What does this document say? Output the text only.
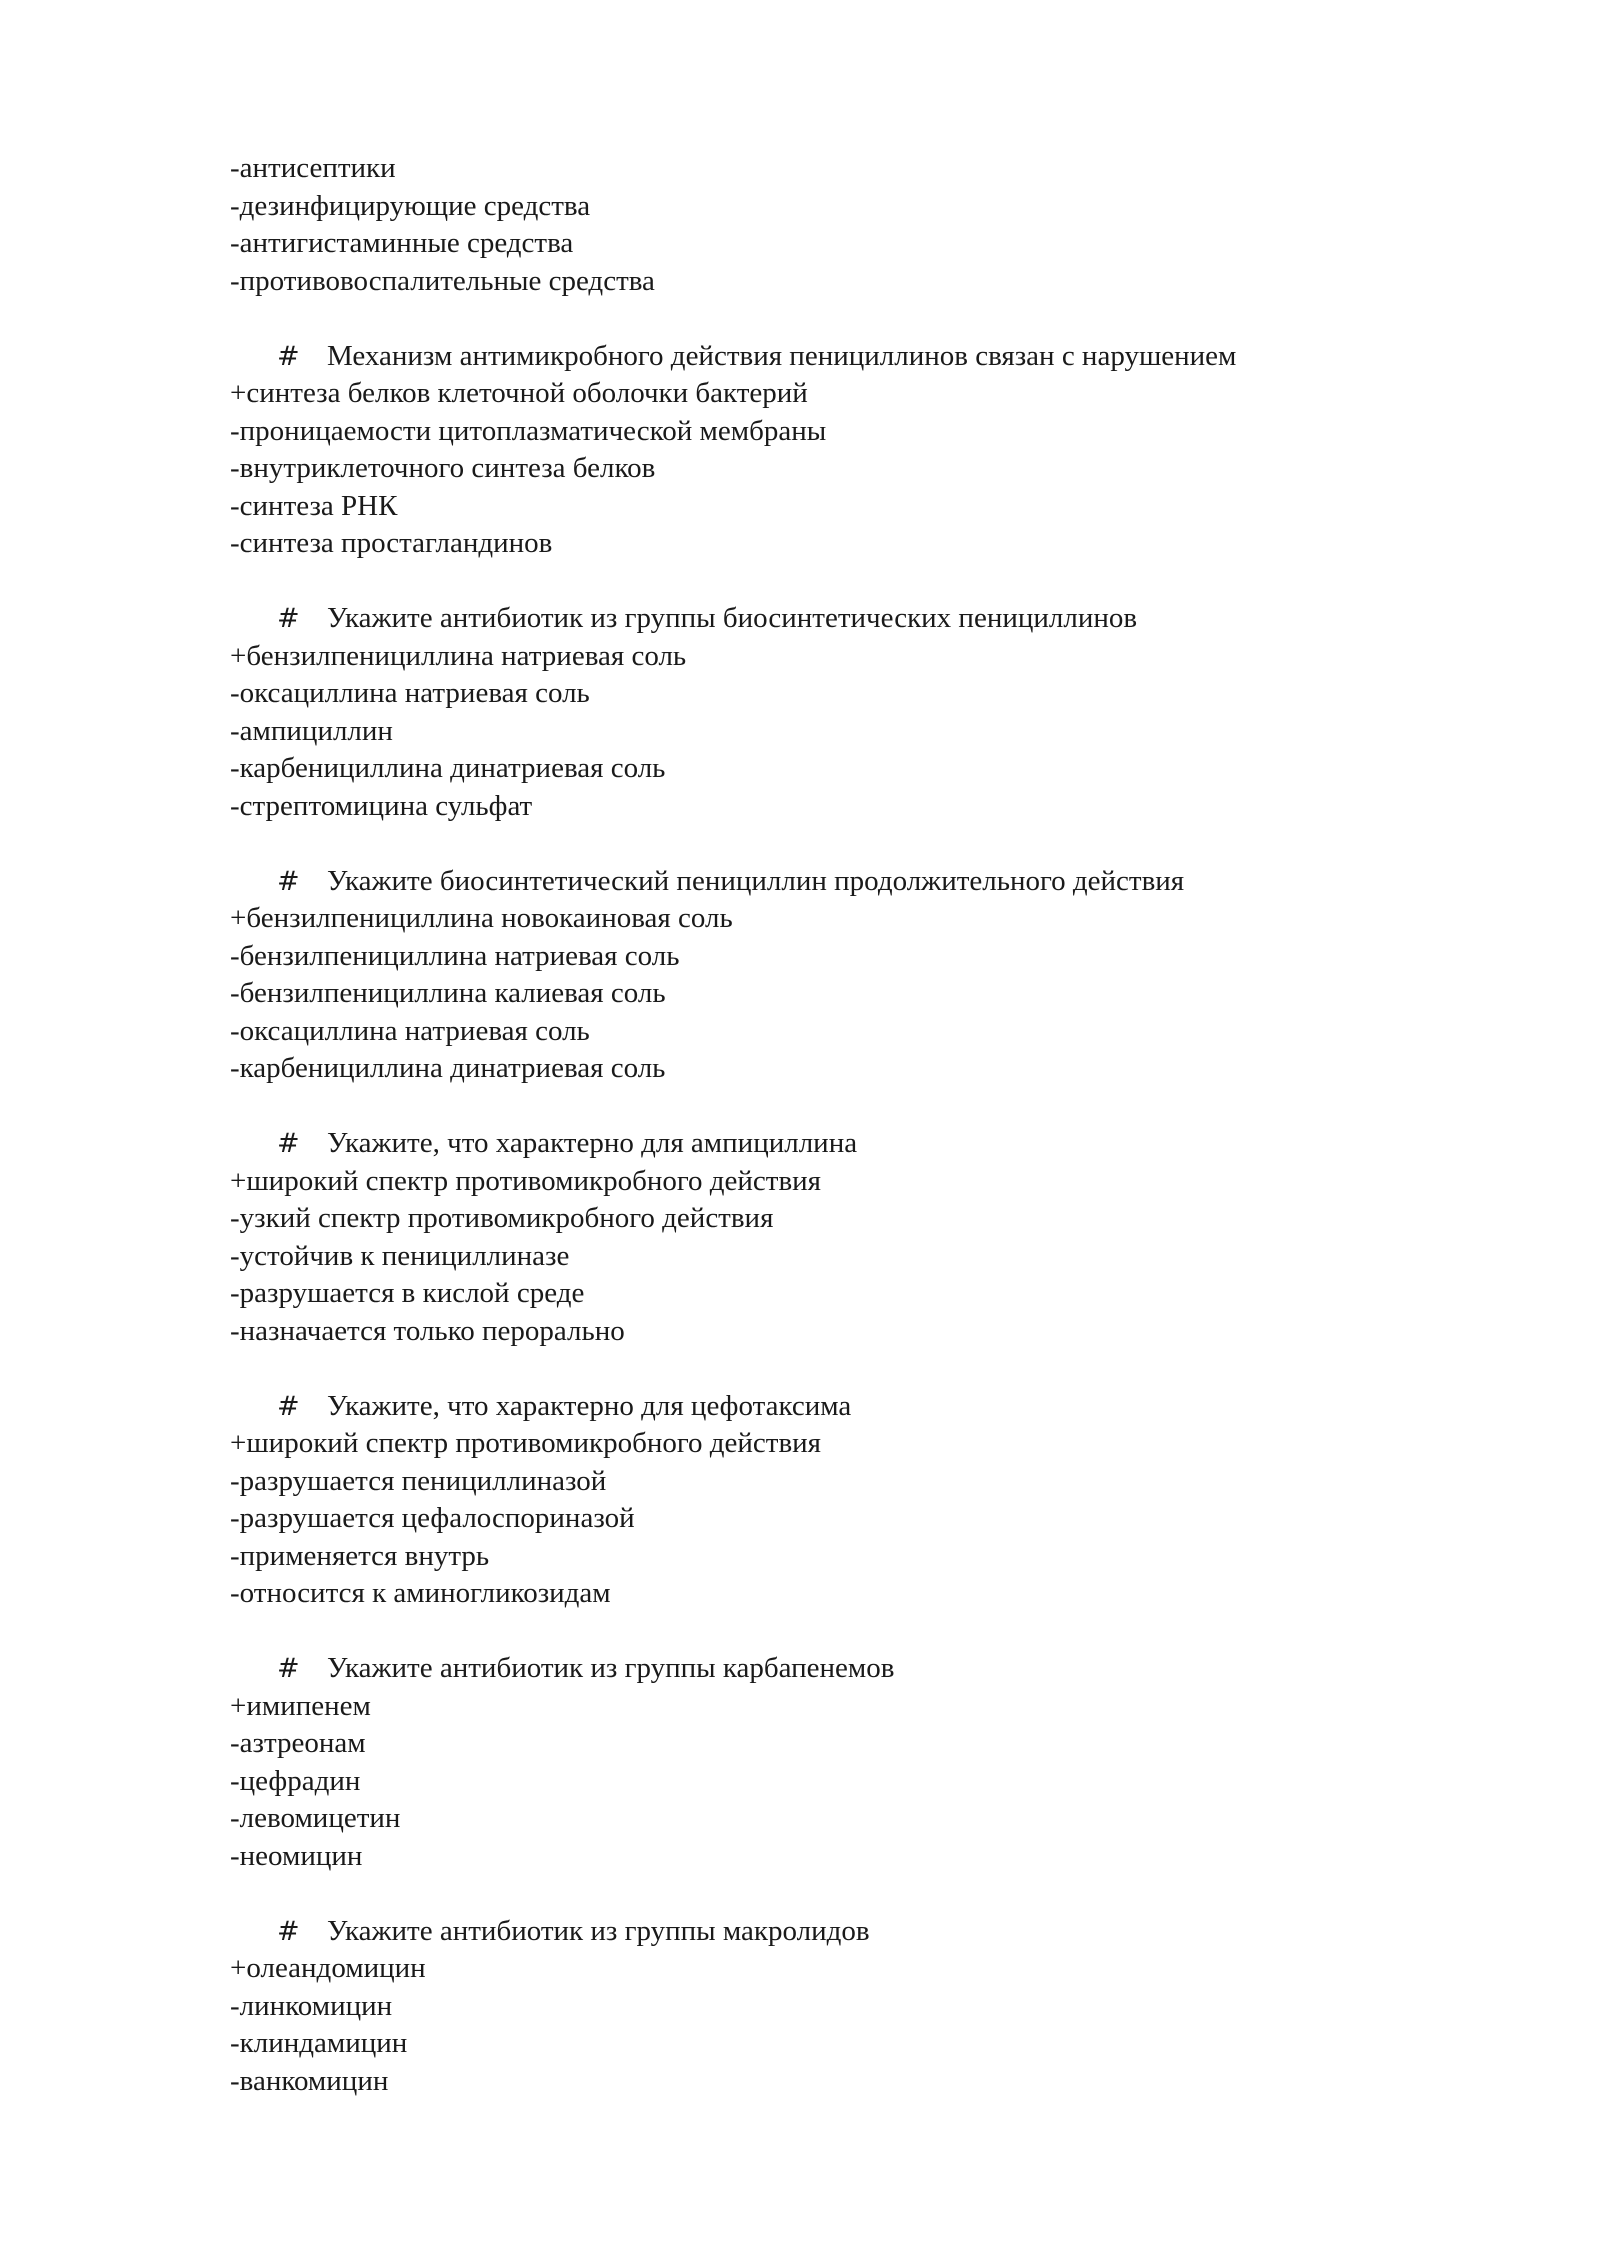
-антисептики
-дезинфицирующие средства
-антигистаминные средства
-противовоспалительные средства
# Механизм антимикробного действия пенициллинов связан с нарушением
+синтеза белков клеточной оболочки бактерий
-проницаемости цитоплазматической мембраны
-внутриклеточного синтеза белков
-синтеза РНК
-синтеза простагландинов
# Укажите антибиотик из группы биосинтетических пенициллинов
+бензилпенициллина натриевая соль
-оксациллина натриевая соль
-ампициллин
-карбенициллина динатриевая соль
-стрептомицина сульфат
# Укажите биосинтетический пенициллин продолжительного действия
+бензилпенициллина новокаиновая соль
-бензилпенициллина натриевая соль
-бензилпенициллина калиевая соль
-оксациллина натриевая соль
-карбенициллина динатриевая соль
# Укажите, что характерно для ампициллина
+широкий спектр противомикробного действия
-узкий спектр противомикробного действия
-устойчив к пенициллиназе
-разрушается в кислой среде
-назначается только перорально
# Укажите, что характерно для цефотаксима
+широкий спектр противомикробного действия
-разрушается пенициллиназой
-разрушается цефалоспориназой
-применяется внутрь
-относится к аминогликозидам
# Укажите антибиотик из группы карбапенемов
+имипенем
-азтреонам
-цефрадин
-левомицетин
-неомицин
# Укажите антибиотик из группы макролидов
+олеандомицин
-линкомицин
-клиндамицин
-ванкомицин
